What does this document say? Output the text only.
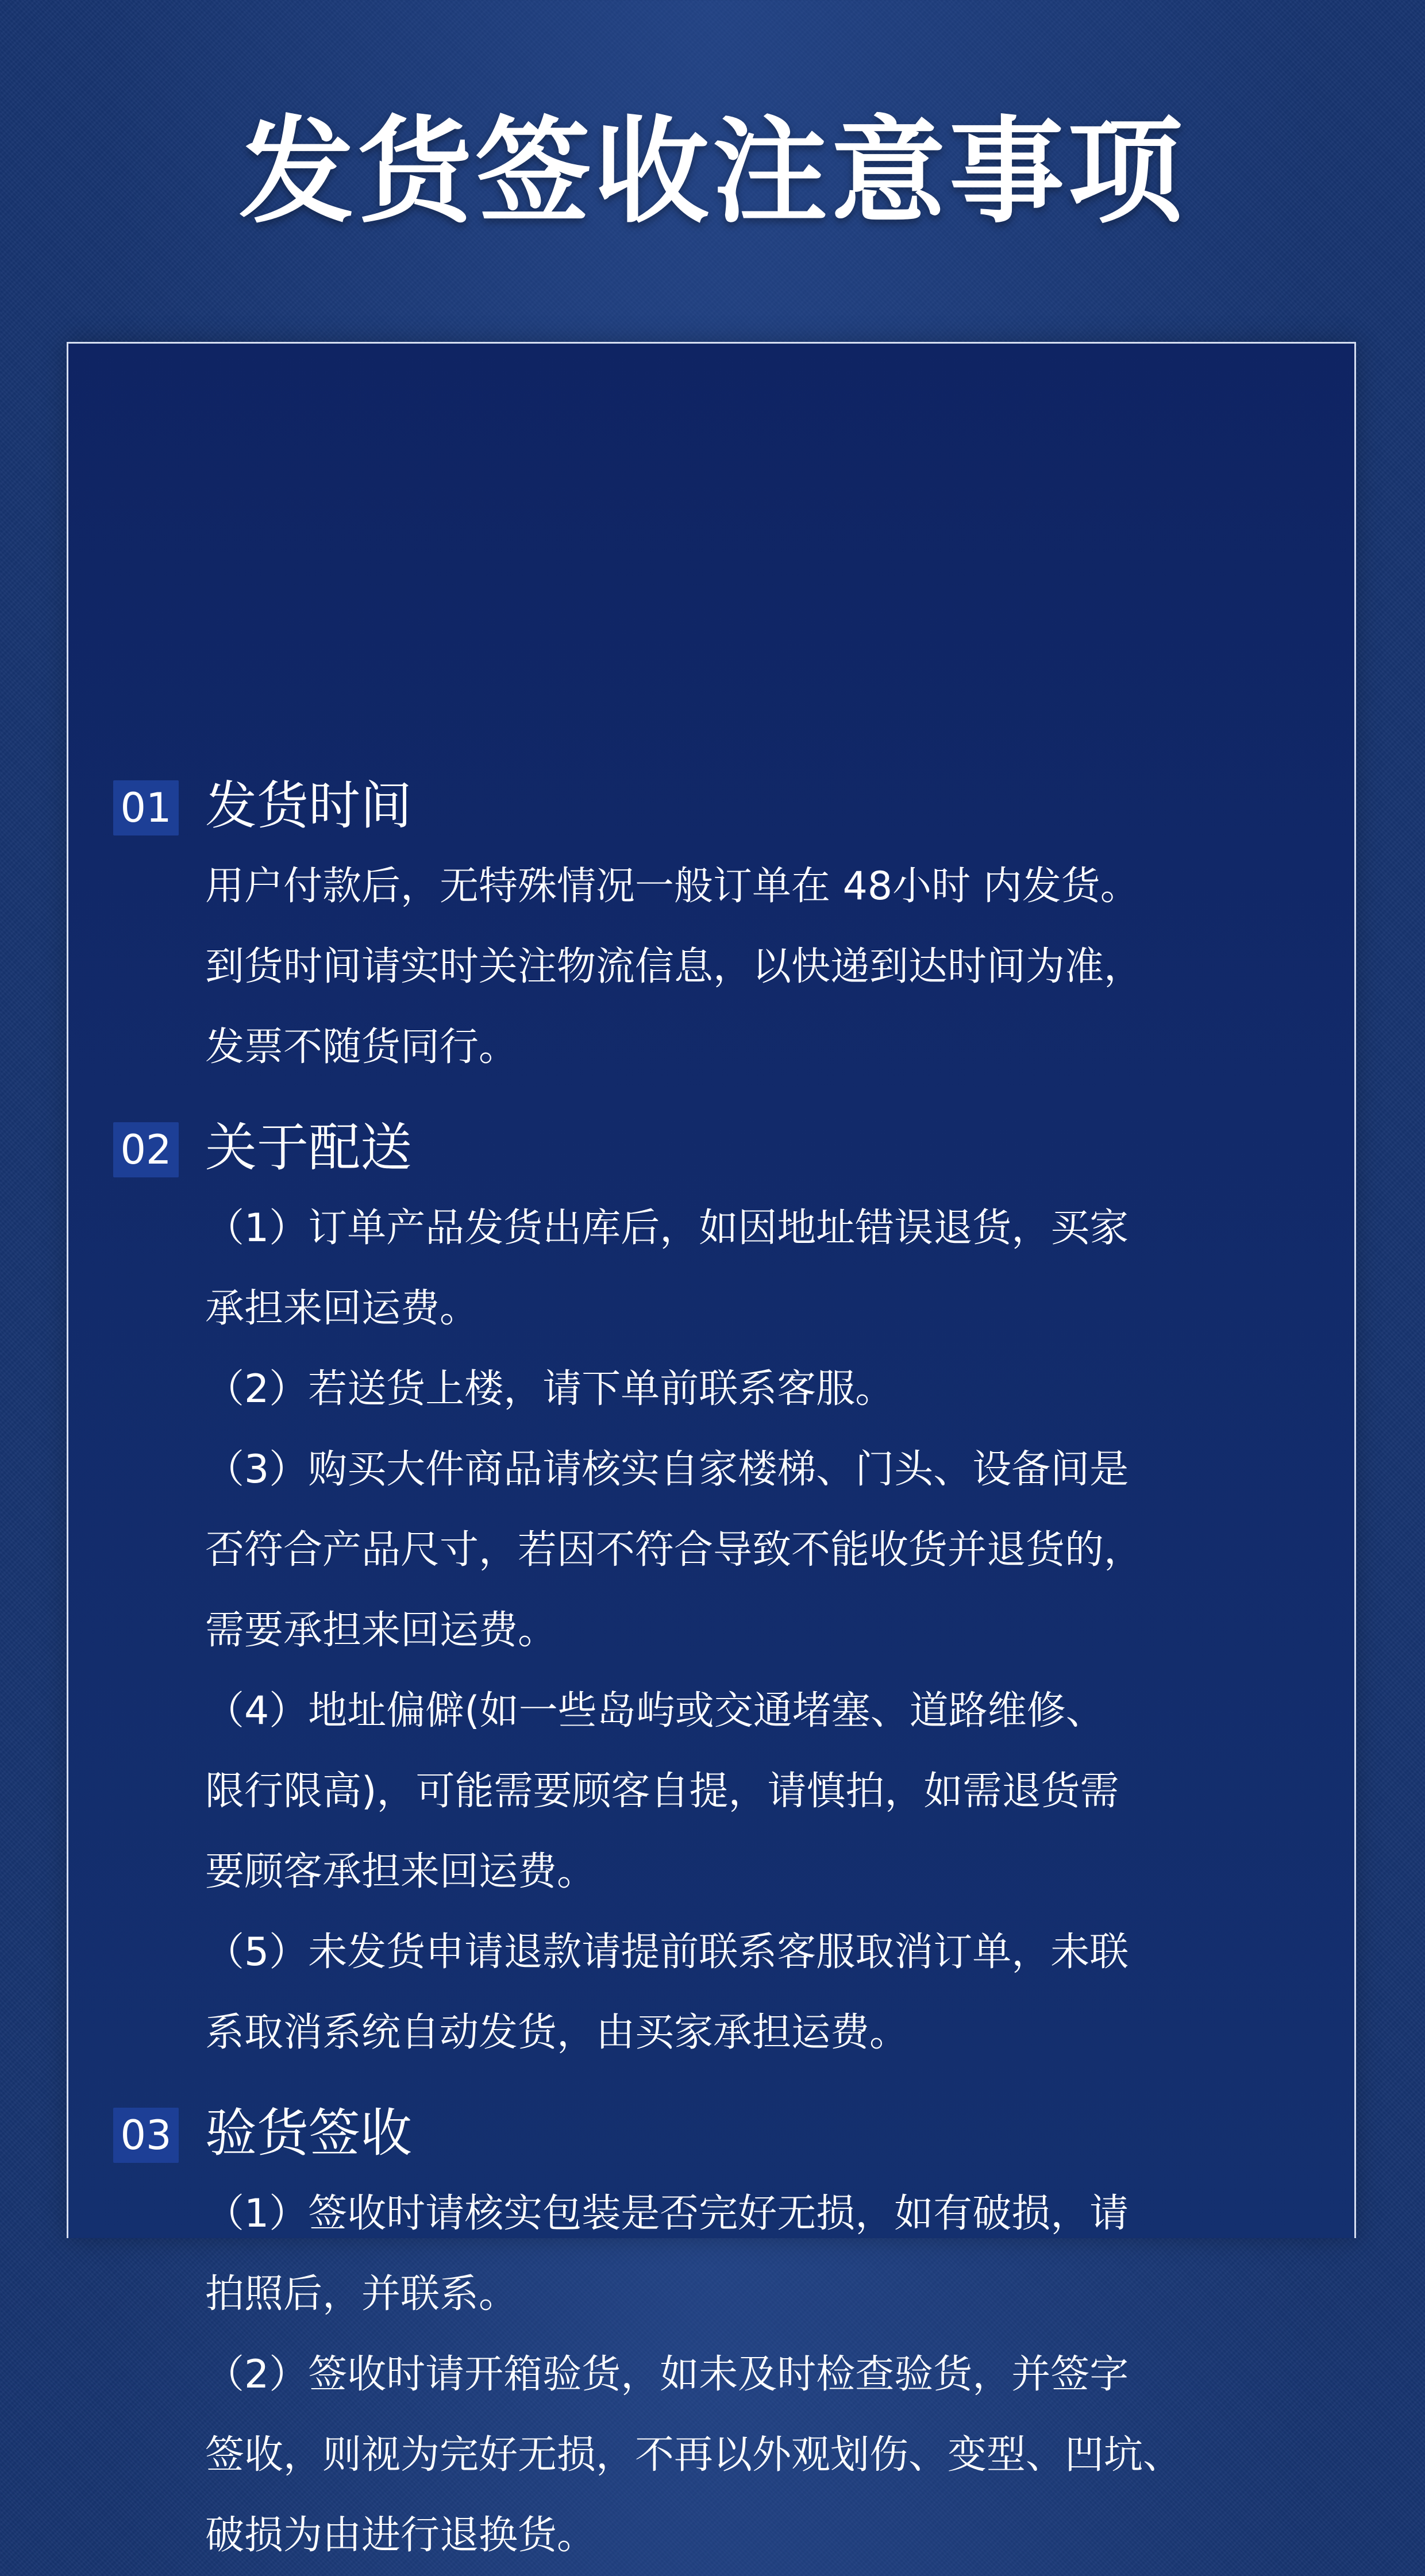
发货签收注意事项
01 发货时间
用户付款后，无特殊情况一般订单在 48小时 内发货。
到货时间请实时关注物流信息，以快递到达时间为准，
发票不随货同行。
02 关于配送
（1）订单产品发货出库后，如因地址错误退货，买家
承担来回运费。
（2）若送货上楼，请下单前联系客服。
（3）购买大件商品请核实自家楼梯、门头、设备间是
否符合产品尺寸，若因不符合导致不能收货并退货的，
需要承担来回运费。
（4）地址偏僻(如一些岛屿或交通堵塞、道路维修、
限行限高)，可能需要顾客自提，请慎拍，如需退货需
要顾客承担来回运费。
（5）未发货申请退款请提前联系客服取消订单，未联
系取消系统自动发货，由买家承担运费。
03 验货签收
（1）签收时请核实包装是否完好无损，如有破损，请
拍照后，并联系。
（2）签收时请开箱验货，如未及时检查验货，并签字
签收，则视为完好无损，不再以外观划伤、变型、凹坑、
破损为由进行退换货。
